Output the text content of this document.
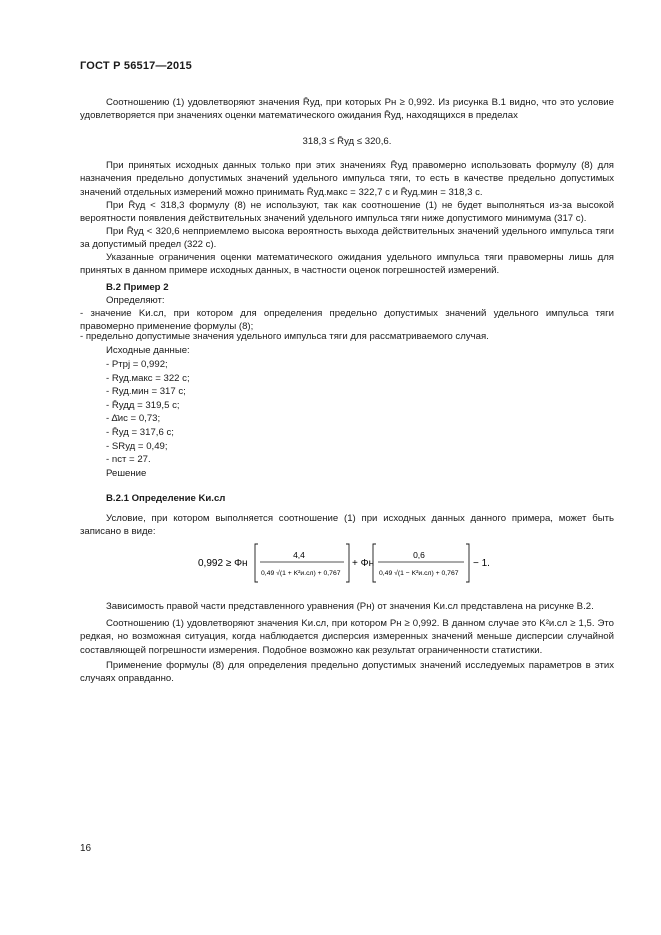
ГОСТ Р 56517—2015
Соотношению (1) удовлетворяют значения R̄уд, при которых Pн ≥ 0,992. Из рисунка В.1 видно, что это условие удовлетворяется при значениях оценки математического ожидания R̄уд, находящихся в пределах
318,3 ≤ R̄уд ≤ 320,6.
При принятых исходных данных только при этих значениях R̄уд правомерно использовать формулу (8) для назначения предельно допустимых значений удельного импульса тяги, то есть в качестве предельно допустимых значений отдельных измерений можно принимать R̄уд.макс = 322,7 с и R̄уд.мин = 318,3 с.
При R̄уд < 318,3 формулу (8) не используют, так как соотношение (1) не будет выполняться из-за высокой вероятности появления действительных значений удельного импульса тяги ниже допустимого минимума (317 с).
При R̄уд < 320,6 непприемлемо высока вероятность выхода действительных значений удельного импульса тяги за допустимый предел (322 с).
Указанные ограничения оценки математического ожидания удельного импульса тяги правомерны лишь для принятых в данном примере исходных данных, в частности оценок погрешностей измерений.
В.2 Пример 2
Определяют:
- значение Kи.сл, при котором для определения предельно допустимых значений удельного импульса тяги правомерно применение формулы (8);
- предельно допустимые значения удельного импульса тяги для рассматриваемого случая.
Исходные данные:
- Pтрj = 0,992;
- Rуд.макс = 322 с;
- Rуд.мин = 317 с;
- R̄удд = 319,5 с;
- Δ̄иc = 0,73;
- R̄уд = 317,6 с;
- SRуд = 0,49;
- nст = 27.
Решение
В.2.1 Определение Kи.сл
Условие, при котором выполняется соотношение (1) при исходных данных данного примера, может быть записано в виде:
0,992 ≥ Φн
4,4
0,49 √(1 + K²и.сл) + 0,767
+ Φн
0,6
0,49 √(1 − K²и.сл) + 0,767
− 1.
Зависимость правой части представленного уравнения (Pн) от значения Kи.сл представлена на рисунке В.2.
Соотношению (1) удовлетворяют значения Kи.сл, при котором Pн ≥ 0,992. В данном случае это K²и.сл ≥ 1,5. Это редкая, но возможная ситуация, когда наблюдается дисперсия измеренных значений меньше дисперсии случайной составляющей погрешности измерения. Подобное возможно как результат ограниченности статистики.
Применение формулы (8) для определения предельно допустимых значений исследуемых параметров в этих случаях оправданно.
16
